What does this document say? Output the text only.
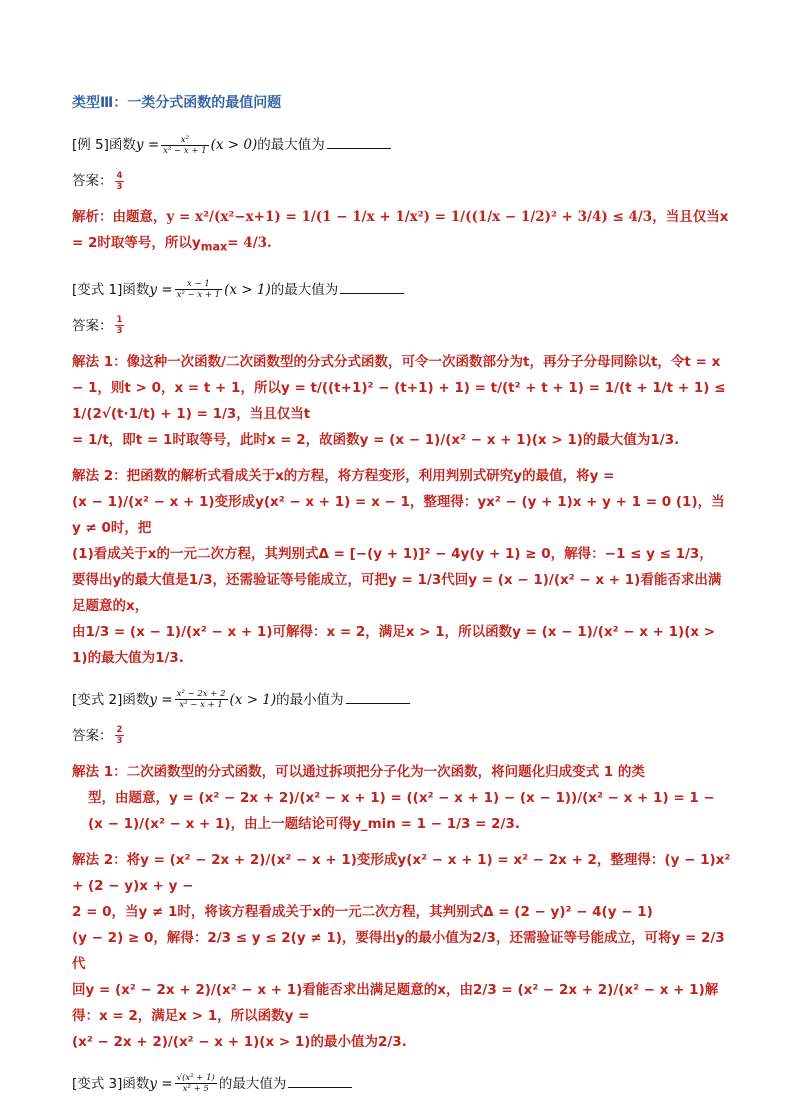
类型Ⅲ：一类分式函数的最值问题

[例 5]函数$y = \frac{\text{x²}}{\text{x² − x + 1}} (x > 0)$的最大值为

答案： $\frac{4}{3}$

解析：由题意，y = x²/(x²−x+1) = 1/(1 − 1/x + 1/x²) = 1/((1/x − 1/2)² + 3/4) ≤ 4/3，当且仅当x = 2时取等号，所以$y_{max}= 4/3$.

[变式 1]函数$y = \frac{x - 1}{\text{x² − x + 1}} (x > 1)$的最大值为

答案： $\frac{1}{3}$

解法 1：像这种一次函数/二次函数型的分式分式函数，可令一次函数部分为t，再分子分母同除以t，令t = x

− 1，则t > 0，x = t + 1，所以y = t/((t+1)² − (t+1) + 1) = t/(t² + t + 1) = 1/(t + 1/t + 1) ≤ 1/(2√(t·1/t) + 1) = 1/3，当且仅当t

= 1/t，即t = 1时取等号，此时x = 2，故函数y = (x − 1)/(x² − x + 1)(x > 1)的最大值为1/3.

解法 2：把函数的解析式看成关于x的方程，将方程变形，利用判别式研究y的最值，将y =

(x − 1)/(x² − x + 1)变形成y(x² − x + 1) = x − 1，整理得：yx² − (y + 1)x + y + 1 = 0 (1)，当y ≠ 0时，把

(1)看成关于x的一元二次方程，其判别式Δ = [−(y + 1)]² − 4y(y + 1) ≥ 0，解得：−1 ≤ y ≤ 1/3，

要得出y的最大值是1/3，还需验证等号能成立，可把y = 1/3代回y = (x − 1)/(x² − x + 1)看能否求出满足题意的x，

由1/3 = (x − 1)/(x² − x + 1)可解得：x = 2，满足x > 1，所以函数y = (x − 1)/(x² − x + 1)(x > 1)的最大值为1/3.

[变式 2]函数$y = \frac{\text{x² − 2x + 2}}{\text{x² − x + 1}} (x > 1)$的最小值为

答案： $\frac{2}{3}$

解法 1：二次函数型的分式函数，可以通过拆项把分子化为一次函数，将问题化归成变式 1 的类

型，由题意，y = (x² − 2x + 2)/(x² − x + 1) = ((x² − x + 1) − (x − 1))/(x² − x + 1) = 1 − (x − 1)/(x² − x + 1)，由上一题结论可得y_min = 1 − 1/3 = 2/3.

解法 2：将y = (x² − 2x + 2)/(x² − x + 1)变形成y(x² − x + 1) = x² − 2x + 2，整理得：(y − 1)x² + (2 − y)x + y −

2 = 0，当y ≠ 1时，将该方程看成关于x的一元二次方程，其判别式Δ = (2 − y)² − 4(y − 1)

(y − 2) ≥ 0，解得：2/3 ≤ y ≤ 2(y ≠ 1)，要得出y的最小值为2/3，还需验证等号能成立，可将y = 2/3代

回y = (x² − 2x + 2)/(x² − x + 1)看能否求出满足题意的x，由2/3 = (x² − 2x + 2)/(x² − x + 1)解得：x = 2，满足x > 1，所以函数y =

(x² − 2x + 2)/(x² − x + 1)(x > 1)的最小值为2/3.

[变式 3]函数$y = \frac{\text{√(x² + 1)}}{\text{x² + 5}}$ 的最大值为
